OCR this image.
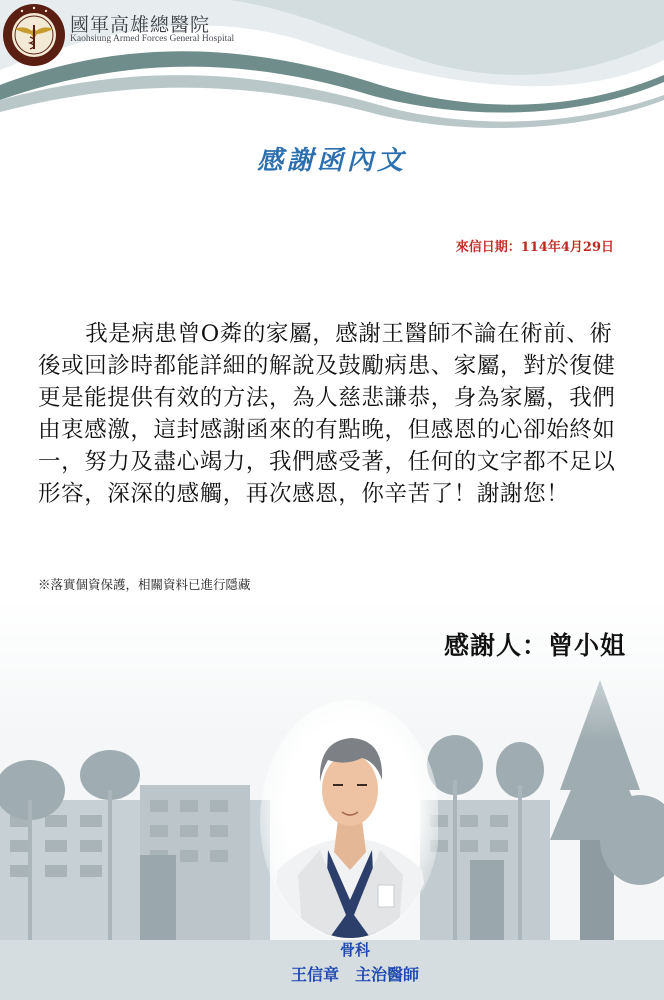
國軍高雄總醫院
Kaohsiung Armed Forces General Hospital
感謝函內文
來信日期：114年4月29日
我是病患曾O粦的家屬，感謝王醫師不論在術前、術後或回診時都能詳細的解說及鼓勵病患、家屬，對於復健更是能提供有效的方法，為人慈悲謙恭，身為家屬，我們由衷感激，這封感謝函來的有點晚，但感恩的心卻始終如一，努力及盡心竭力，我們感受著，任何的文字都不足以形容，深深的感觸，再次感恩，你辛苦了！謝謝您！
※落實個資保護，相關資料已進行隱藏
感謝人：曾小姐
骨科
王信章　主治醫師
